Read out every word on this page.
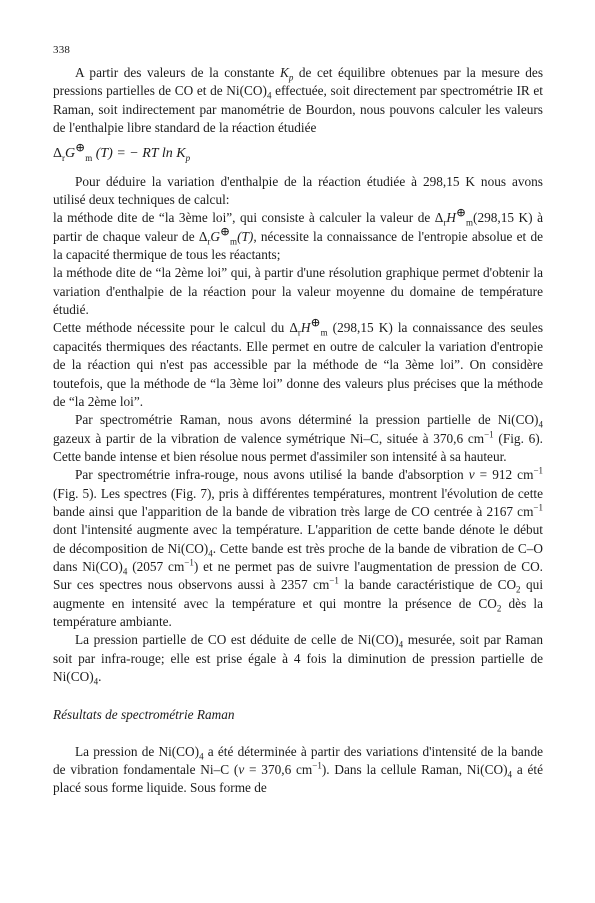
338

A partir des valeurs de la constante $K_p$ de cet équilibre obtenues par la mesure des pressions partielles de CO et de $Ni(CO)_4$ effectuée, soit directement par spectrométrie IR et Raman, soit indirectement par manométrie de Bourdon, nous pouvons calculer les valeurs de l'enthalpie libre standard de la réaction étudiée

$\Delta_rG^\oplus_m$ (T) = − RT $\ln K_p$

Pour déduire la variation d'enthalpie de la réaction étudiée à 298,15 K nous avons utilisé deux techniques de calcul:

la méthode dite de “la 3ème loi”, qui consiste à calculer la valeur de $\Delta_rH^\oplus_m(298,15$ K) à partir de chaque valeur de $\Delta_rG^\oplus_m(T)$, nécessite la connaissance de l'entropie absolue et de la capacité thermique de tous les réactants;

la méthode dite de “la 2ème loi” qui, à partir d'une résolution graphique permet d'obtenir la variation d'enthalpie de la réaction pour la valeur moyenne du domaine de température étudié.

Cette méthode nécessite pour le calcul du $\Delta_rH^\oplus_m$ (298,15 K) la connaissance des seules capacités thermiques des réactants. Elle permet en outre de calculer la variation d'entropie de la réaction qui n'est pas accessible par la méthode de “la 3ème loi”. On considère toutefois, que la méthode de “la 3ème loi” donne des valeurs plus précises que la méthode de “la 2ème loi”.

Par spectrométrie Raman, nous avons déterminé la pression partielle de $Ni(CO)_4$ gazeux à partir de la vibration de valence symétrique Ni–C, située à 370,6 $cm^{-1}$ (Fig. 6). Cette bande intense et bien résolue nous permet d'assimiler son intensité à sa hauteur.

Par spectrométrie infra-rouge, nous avons utilisé la bande d'absorption ν = 912 $cm^{-1}$ (Fig. 5). Les spectres (Fig. 7), pris à différentes températures, montrent l'évolution de cette bande ainsi que l'apparition de la bande de vibration très large de CO centrée à 2167 $cm^{-1}$ dont l'intensité augmente avec la température. L'apparition de cette bande dénote le début de décomposition de $Ni(CO)_4$. Cette bande est très proche de la bande de vibration de C–O dans $Ni(CO)_4$ (2057 $cm^{-1}$) et ne permet pas de suivre l'augmentation de pression de CO. Sur ces spectres nous observons aussi à 2357 $cm^{-1}$ la bande caractéristique de $CO_2$ qui augmente en intensité avec la température et qui montre la présence de $CO_2$ dès la température ambiante.

La pression partielle de CO est déduite de celle de $Ni(CO)_4$ mesurée, soit par Raman soit par infra-rouge; elle est prise égale à 4 fois la diminution de pression partielle de $Ni(CO)_4$.

Résultats de spectrométrie Raman

La pression de $Ni(CO)_4$ a été déterminée à partir des variations d'intensité de la bande de vibration fondamentale Ni–C (ν = 370,6 $cm^{-1}$). Dans la cellule Raman, $Ni(CO)_4$ a été placé sous forme liquide. Sous forme de
